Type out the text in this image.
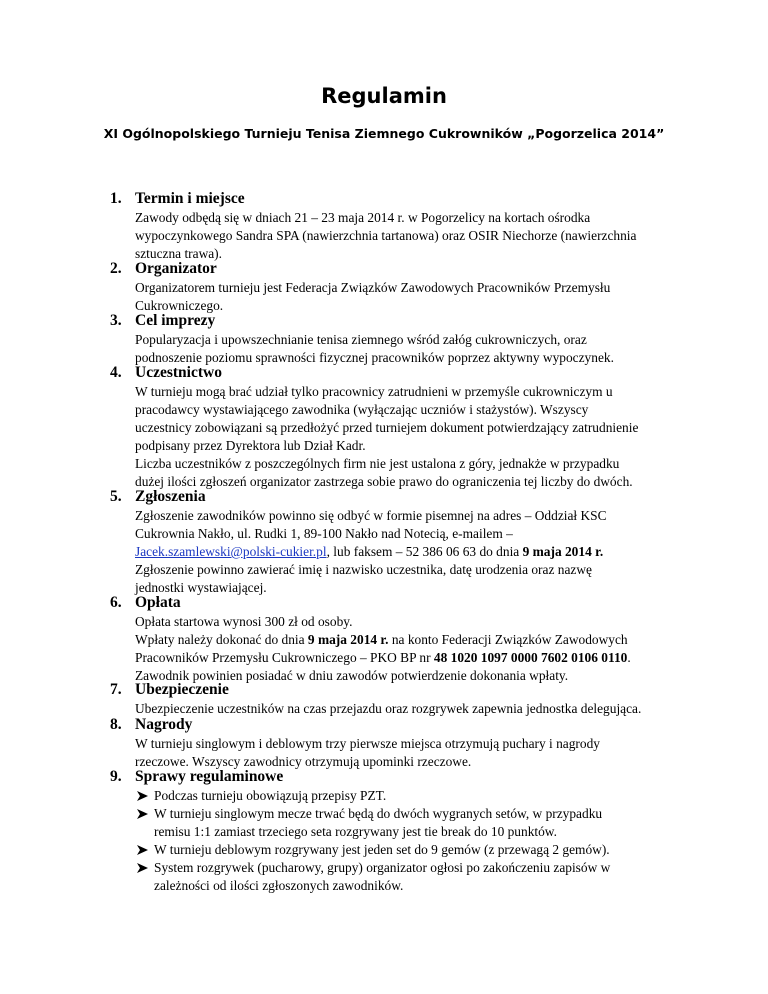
Regulamin

XI Ogólnopolskiego Turnieju Tenisa Ziemnego Cukrowników „Pogorzelica 2014”

1. Termin i miejsce
Zawody odbędą się w dniach 21 – 23 maja 2014 r. w Pogorzelicy na kortach ośrodka
wypoczynkowego Sandra SPA (nawierzchnia tartanowa) oraz OSIR Niechorze (nawierzchnia
sztuczna trawa).
2. Organizator
Organizatorem turnieju jest Federacja Związków Zawodowych Pracowników Przemysłu
Cukrowniczego.
3. Cel imprezy
Popularyzacja i upowszechnianie tenisa ziemnego wśród załóg cukrowniczych, oraz
podnoszenie poziomu sprawności fizycznej pracowników poprzez aktywny wypoczynek.
4. Uczestnictwo
W turnieju mogą brać udział tylko pracownicy zatrudnieni w przemyśle cukrowniczym u
pracodawcy wystawiającego zawodnika (wyłączając uczniów i stażystów). Wszyscy
uczestnicy zobowiązani są przedłożyć przed turniejem dokument potwierdzający zatrudnienie
podpisany przez Dyrektora lub Dział Kadr.
Liczba uczestników z poszczególnych firm nie jest ustalona z góry, jednakże w przypadku
dużej ilości zgłoszeń organizator zastrzega sobie prawo do ograniczenia tej liczby do dwóch.
5. Zgłoszenia
Zgłoszenie zawodników powinno się odbyć w formie pisemnej na adres – Oddział KSC
Cukrownia Nakło, ul. Rudki 1, 89-100 Nakło nad Notecią, e-mailem –
Jacek.szamlewski@polski-cukier.pl, lub faksem – 52 386 06 63 do dnia 9 maja 2014 r.
Zgłoszenie powinno zawierać imię i nazwisko uczestnika, datę urodzenia oraz nazwę
jednostki wystawiającej.
6. Opłata
Opłata startowa wynosi 300 zł od osoby.
Wpłaty należy dokonać do dnia 9 maja 2014 r. na konto Federacji Związków Zawodowych
Pracowników Przemysłu Cukrowniczego – PKO BP nr 48 1020 1097 0000 7602 0106 0110.
Zawodnik powinien posiadać w dniu zawodów potwierdzenie dokonania wpłaty.
7. Ubezpieczenie
Ubezpieczenie uczestników na czas przejazdu oraz rozgrywek zapewnia jednostka delegująca.
8. Nagrody
W turnieju singlowym i deblowym trzy pierwsze miejsca otrzymują puchary i nagrody
rzeczowe. Wszyscy zawodnicy otrzymują upominki rzeczowe.
9. Sprawy regulaminowe
Podczas turnieju obowiązują przepisy PZT.
W turnieju singlowym mecze trwać będą do dwóch wygranych setów, w przypadku
remisu 1:1 zamiast trzeciego seta rozgrywany jest tie break do 10 punktów.
W turnieju deblowym rozgrywany jest jeden set do 9 gemów (z przewagą 2 gemów).
System rozgrywek (pucharowy, grupy) organizator ogłosi po zakończeniu zapisów w
zależności od ilości zgłoszonych zawodników.
